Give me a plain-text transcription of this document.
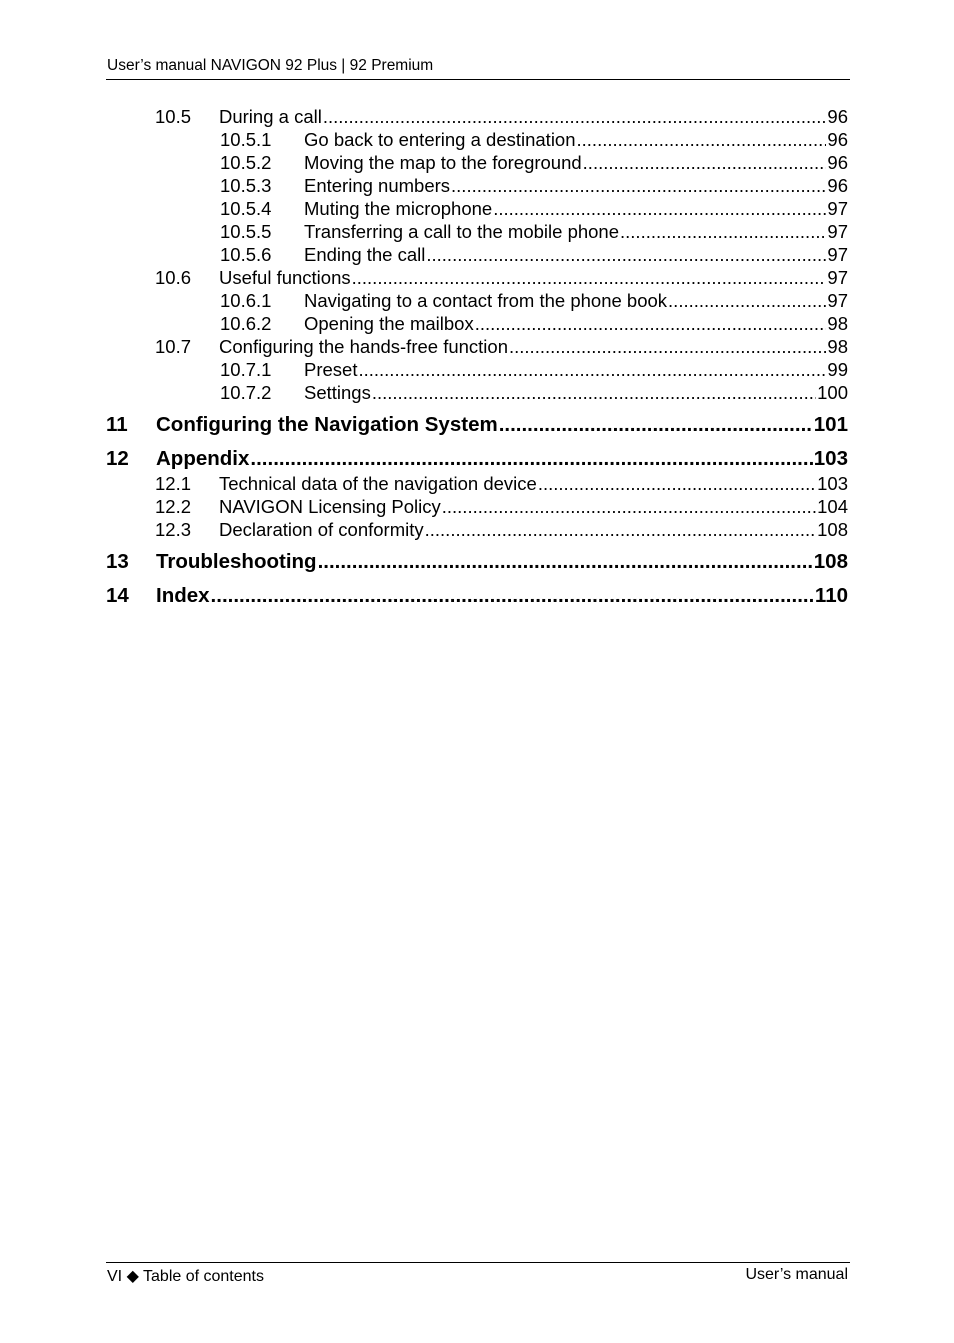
User’s manual NAVIGON 92 Plus | 92 Premium
10.5	During a call .....	96
10.5.1	Go back to entering a destination .....	96
10.5.2	Moving the map to the foreground .....	96
10.5.3	Entering numbers .....	96
10.5.4	Muting the microphone .....	97
10.5.5	Transferring a call to the mobile phone .....	97
10.5.6	Ending the call .....	97
10.6	Useful functions .....	97
10.6.1	Navigating to a contact from the phone book .....	97
10.6.2	Opening the mailbox .....	98
10.7	Configuring the hands-free function .....	98
10.7.1	Preset .....	99
10.7.2	Settings .....	100
11	Configuring the Navigation System .....	101
12	Appendix .....	103
12.1	Technical data of the navigation device .....	103
12.2	NAVIGON Licensing Policy .....	104
12.3	Declaration of conformity .....	108
13	Troubleshooting .....	108
14	Index .....	110
VI ◆ Table of contents	User’s manual
